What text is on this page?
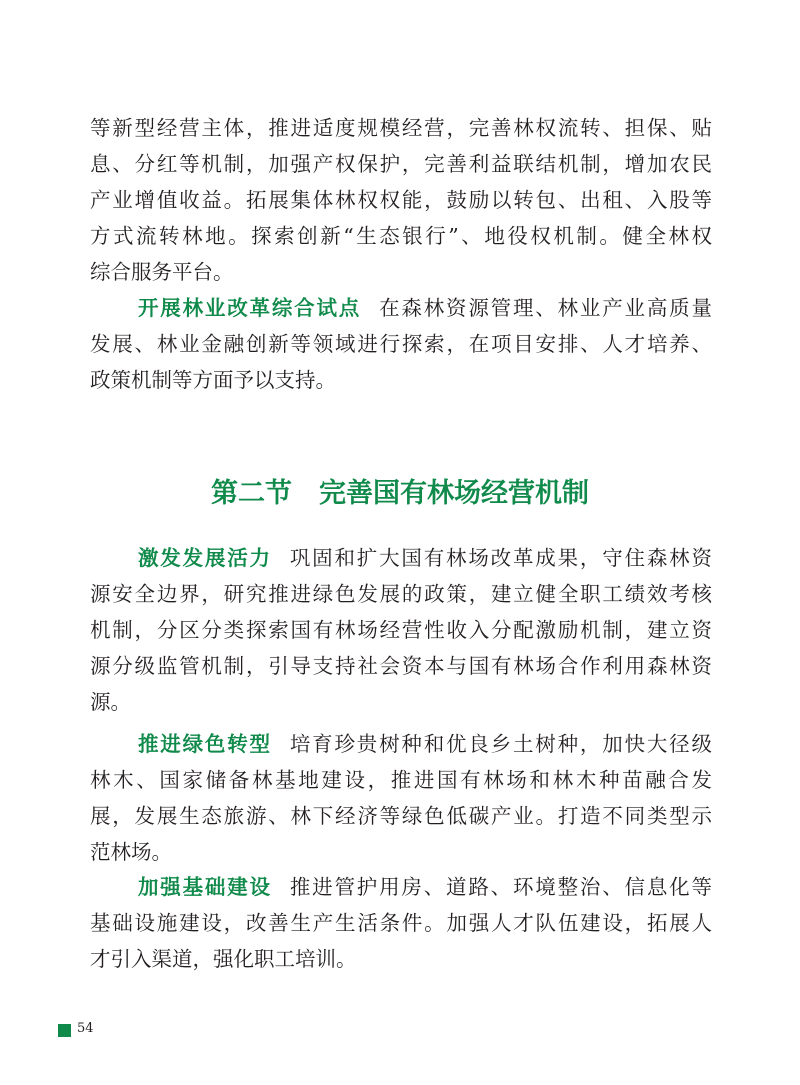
等新型经营主体，推进适度规模经营，完善林权流转、担保、贴
息、分红等机制，加强产权保护，完善利益联结机制，增加农民
产业增值收益。拓展集体林权权能，鼓励以转包、出租、入股等
方式流转林地。探索创新“生态银行”、地役权机制。健全林权
综合服务平台。
开展林业改革综合试点 在森林资源管理、林业产业高质量
发展、林业金融创新等领域进行探索，在项目安排、人才培养、
政策机制等方面予以支持。
第二节　完善国有林场经营机制
激发发展活力 巩固和扩大国有林场改革成果，守住森林资
源安全边界，研究推进绿色发展的政策，建立健全职工绩效考核
机制，分区分类探索国有林场经营性收入分配激励机制，建立资
源分级监管机制，引导支持社会资本与国有林场合作利用森林资
源。
推进绿色转型 培育珍贵树种和优良乡土树种，加快大径级
林木、国家储备林基地建设，推进国有林场和林木种苗融合发
展，发展生态旅游、林下经济等绿色低碳产业。打造不同类型示
范林场。
加强基础建设 推进管护用房、道路、环境整治、信息化等
基础设施建设，改善生产生活条件。加强人才队伍建设，拓展人
才引入渠道，强化职工培训。
54
